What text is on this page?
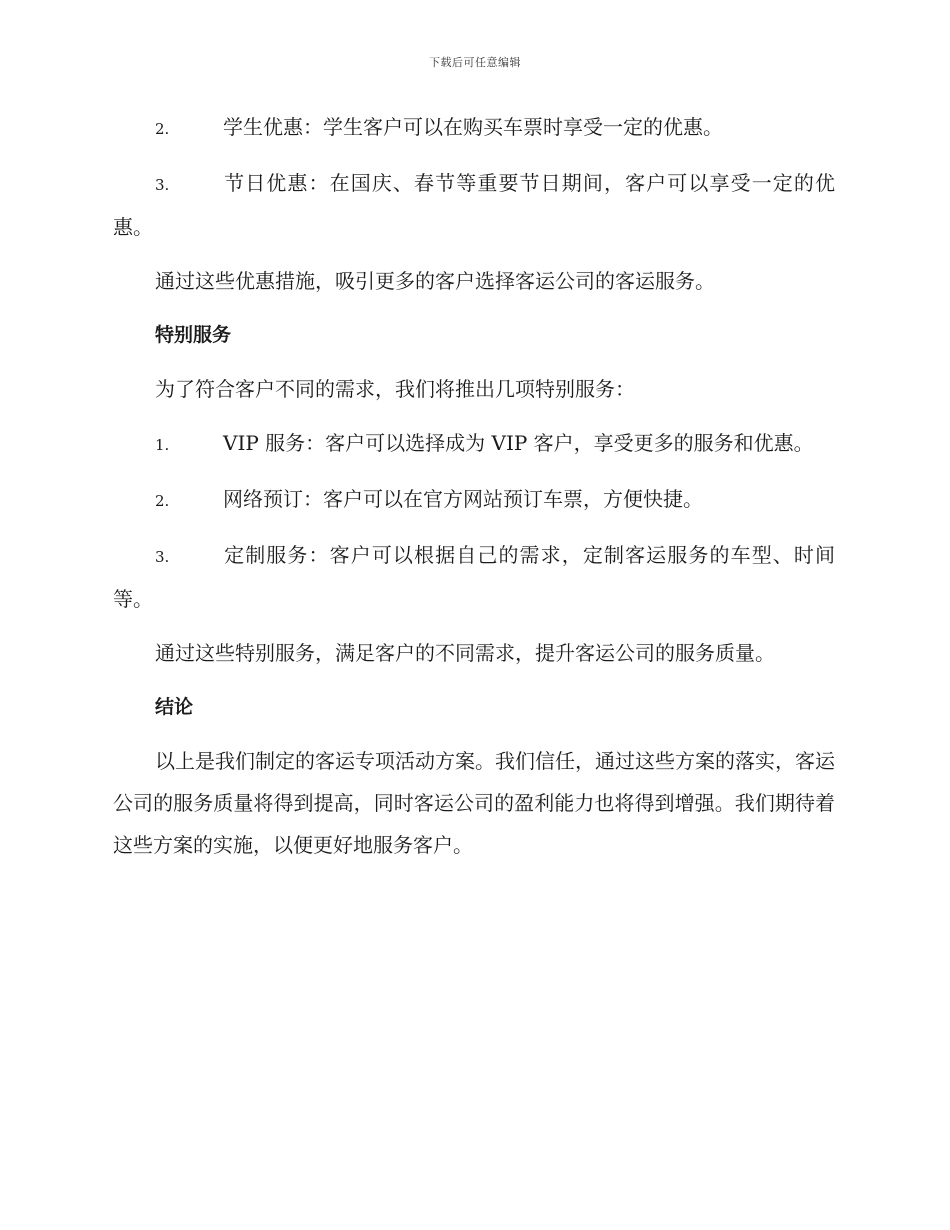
下载后可任意编辑

2.	学生优惠：学生客户可以在购买车票时享受一定的优惠。

3.	节日优惠：在国庆、春节等重要节日期间，客户可以享受一定的优惠。

通过这些优惠措施，吸引更多的客户选择客运公司的客运服务。

特别服务

为了符合客户不同的需求，我们将推出几项特别服务：

1.	VIP 服务：客户可以选择成为 VIP 客户，享受更多的服务和优惠。

2.	网络预订：客户可以在官方网站预订车票，方便快捷。

3.	定制服务：客户可以根据自己的需求，定制客运服务的车型、时间等。

通过这些特别服务，满足客户的不同需求，提升客运公司的服务质量。

结论

以上是我们制定的客运专项活动方案。我们信任，通过这些方案的落实，客运公司的服务质量将得到提高，同时客运公司的盈利能力也将得到增强。我们期待着这些方案的实施，以便更好地服务客户。
